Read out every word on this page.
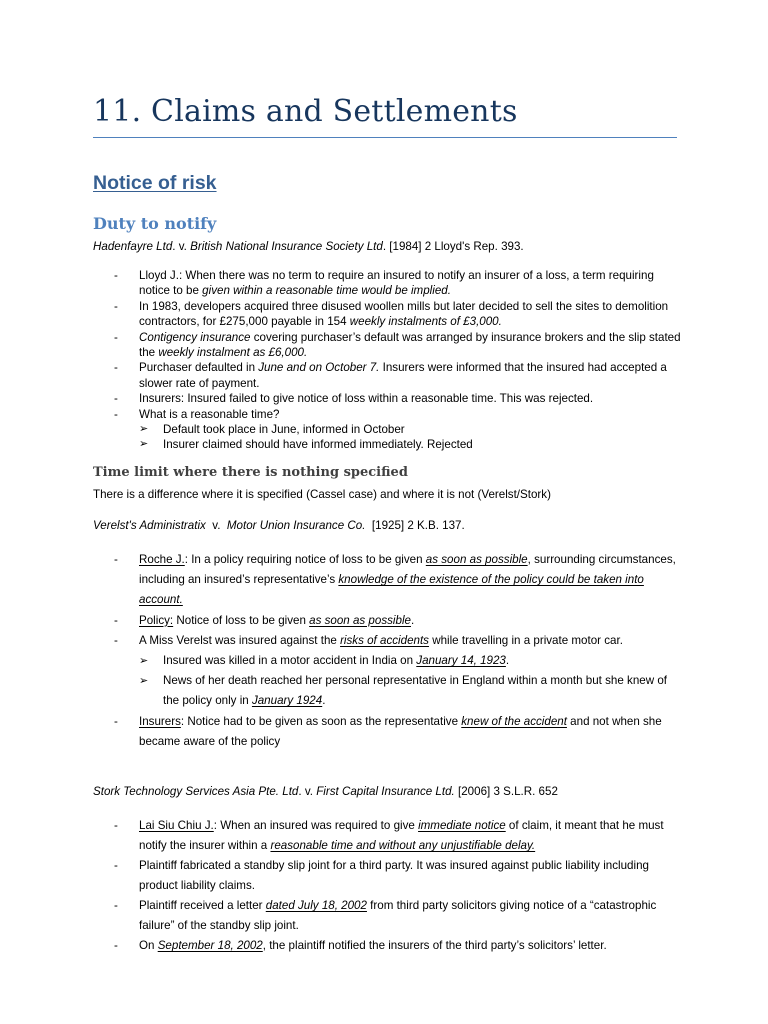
11. Claims and Settlements
Notice of risk
Duty to notify
Hadenfayre Ltd. v. British National Insurance Society Ltd. [1984] 2 Lloyd's Rep. 393.
- Lloyd J.: When there was no term to require an insured to notify an insurer of a loss, a term requiring notice to be given within a reasonable time would be implied.
- In 1983, developers acquired three disused woollen mills but later decided to sell the sites to demolition contractors, for £275,000 payable in 154 weekly instalments of £3,000.
- Contigency insurance covering purchaser’s default was arranged by insurance brokers and the slip stated the weekly instalment as £6,000.
- Purchaser defaulted in June and on October 7. Insurers were informed that the insured had accepted a slower rate of payment.
- Insurers: Insured failed to give notice of loss within a reasonable time. This was rejected.
- What is a reasonable time?
➢ Default took place in June, informed in October
➢ Insurer claimed should have informed immediately. Rejected
Time limit where there is nothing specified
There is a difference where it is specified (Cassel case) and where it is not (Verelst/Stork)
Verelst's Administratix v. Motor Union Insurance Co. [1925] 2 K.B. 137.
- Roche J.: In a policy requiring notice of loss to be given as soon as possible, surrounding circumstances, including an insured’s representative’s knowledge of the existence of the policy could be taken into account.
- Policy: Notice of loss to be given as soon as possible.
- A Miss Verelst was insured against the risks of accidents while travelling in a private motor car.
➢ Insured was killed in a motor accident in India on January 14, 1923.
➢ News of her death reached her personal representative in England within a month but she knew of the policy only in January 1924.
- Insurers: Notice had to be given as soon as the representative knew of the accident and not when she became aware of the policy
Stork Technology Services Asia Pte. Ltd. v. First Capital Insurance Ltd. [2006] 3 S.L.R. 652
- Lai Siu Chiu J.: When an insured was required to give immediate notice of claim, it meant that he must notify the insurer within a reasonable time and without any unjustifiable delay.
- Plaintiff fabricated a standby slip joint for a third party. It was insured against public liability including product liability claims.
- Plaintiff received a letter dated July 18, 2002 from third party solicitors giving notice of a “catastrophic failure” of the standby slip joint.
- On September 18, 2002, the plaintiff notified the insurers of the third party’s solicitors’ letter.
